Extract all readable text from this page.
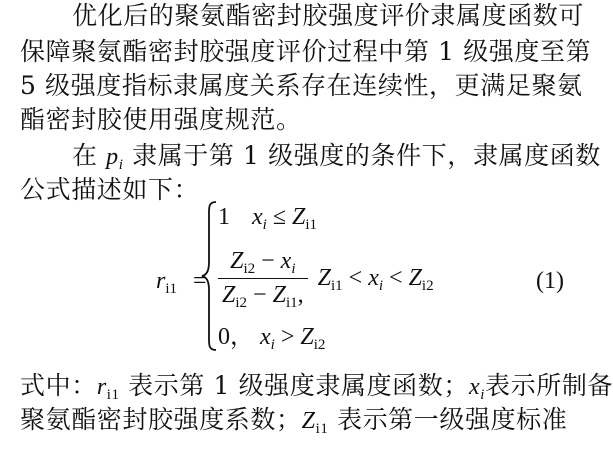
优化后的聚氨酯密封胶强度评价隶属度函数可
保障聚氨酯密封胶强度评价过程中第 1 级强度至第
5 级强度指标隶属度关系存在连续性，更满足聚氨
酯密封胶使用强度规范。
在 $p_i$ 隶属于第 1 级强度的条件下，隶属度函数
公式描述如下：
$r_{i1}$ =
1 $x_i \le Z_{i1}$
$\frac{Z_{i2} - x_i}{Z_{i2} - Z_{i1},} Z_{i1} < x_i < Z_{i2}$
0， $x_i > Z_{i2}$
(1)
式中：$r_{i1}$ 表示第 1 级强度隶属度函数；$x_i$表示所制备
聚氨酯密封胶强度系数；$Z_{i1}$ 表示第一级强度标准
